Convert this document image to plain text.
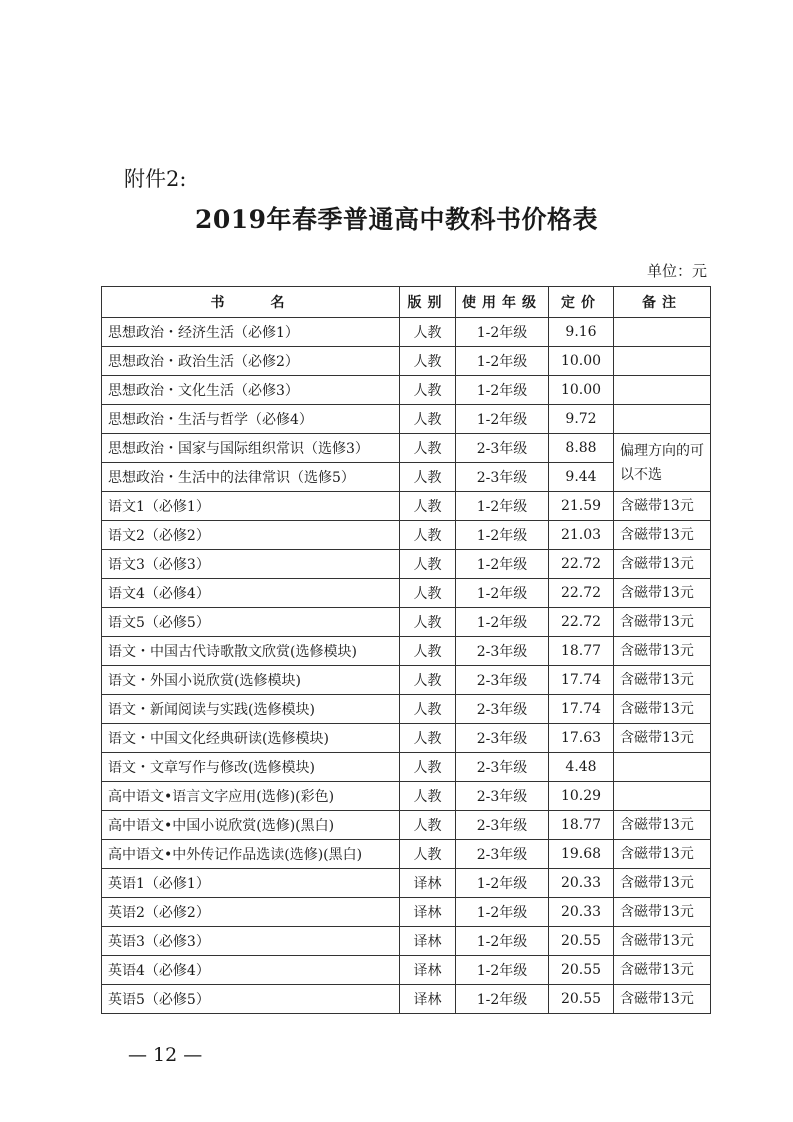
附件2:
2019年春季普通高中教科书价格表
单位：元
书　　名	版别	使用年级	定价	备注
思想政治・经济生活（必修1）	人教	1-2年级	9.16	
思想政治・政治生活（必修2）	人教	1-2年级	10.00	
思想政治・文化生活（必修3）	人教	1-2年级	10.00	
思想政治・生活与哲学（必修4）	人教	1-2年级	9.72	
思想政治・国家与国际组织常识（选修3）	人教	2-3年级	8.88	偏理方向的可以不选
思想政治・生活中的法律常识（选修5）	人教	2-3年级	9.44	
语文1（必修1）	人教	1-2年级	21.59	含磁带13元
语文2（必修2）	人教	1-2年级	21.03	含磁带13元
语文3（必修3）	人教	1-2年级	22.72	含磁带13元
语文4（必修4）	人教	1-2年级	22.72	含磁带13元
语文5（必修5）	人教	1-2年级	22.72	含磁带13元
语文・中国古代诗歌散文欣赏(选修模块)	人教	2-3年级	18.77	含磁带13元
语文・外国小说欣赏(选修模块)	人教	2-3年级	17.74	含磁带13元
语文・新闻阅读与实践(选修模块)	人教	2-3年级	17.74	含磁带13元
语文・中国文化经典研读(选修模块)	人教	2-3年级	17.63	含磁带13元
语文・文章写作与修改(选修模块)	人教	2-3年级	4.48	
高中语文•语言文字应用(选修)(彩色)	人教	2-3年级	10.29	
高中语文•中国小说欣赏(选修)(黑白)	人教	2-3年级	18.77	含磁带13元
高中语文•中外传记作品选读(选修)(黑白)	人教	2-3年级	19.68	含磁带13元
英语1（必修1）	译林	1-2年级	20.33	含磁带13元
英语2（必修2）	译林	1-2年级	20.33	含磁带13元
英语3（必修3）	译林	1-2年级	20.55	含磁带13元
英语4（必修4）	译林	1-2年级	20.55	含磁带13元
英语5（必修5）	译林	1-2年级	20.55	含磁带13元
— 12 —
